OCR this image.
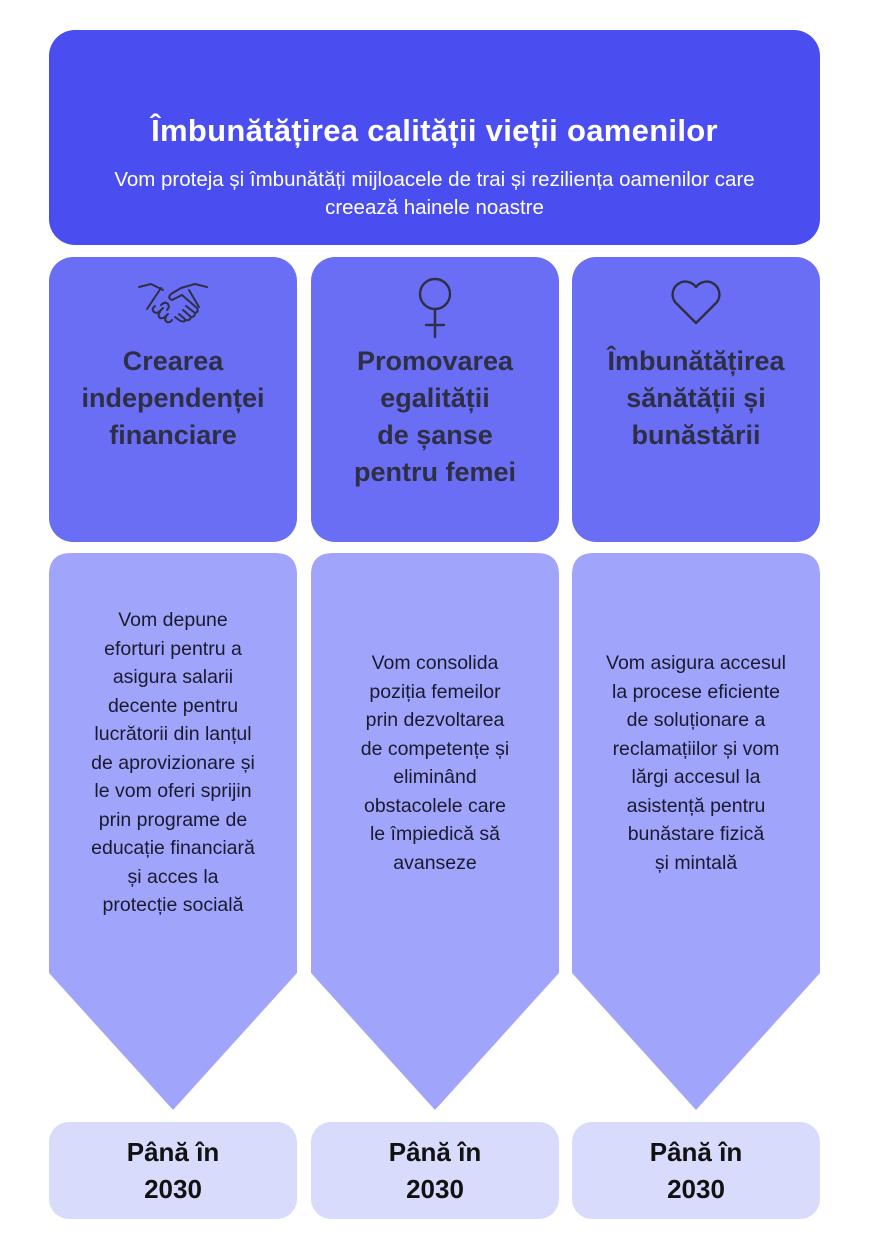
Îmbunătățirea calității vieții oamenilor
Vom proteja și îmbunătăți mijloacele de trai și reziliența oamenilor care creează hainele noastre
Crearea
independenței
financiare
Promovarea
egalității
de șanse
pentru femei
Îmbunătățirea
sănătății și
bunăstării
Vom depune
eforturi pentru a
asigura salarii
decente pentru
lucrătorii din lanțul
de aprovizionare și
le vom oferi sprijin
prin programe de
educație financiară
și acces la
protecție socială
Vom consolida
poziția femeilor
prin dezvoltarea
de competențe și
eliminând
obstacolele care
le împiedică să
avanseze
Vom asigura accesul
la procese eficiente
de soluționare a
reclamațiilor și vom
lărgi accesul la
asistență pentru
bunăstare fizică
și mintală
Până în
2030
Până în
2030
Până în
2030
